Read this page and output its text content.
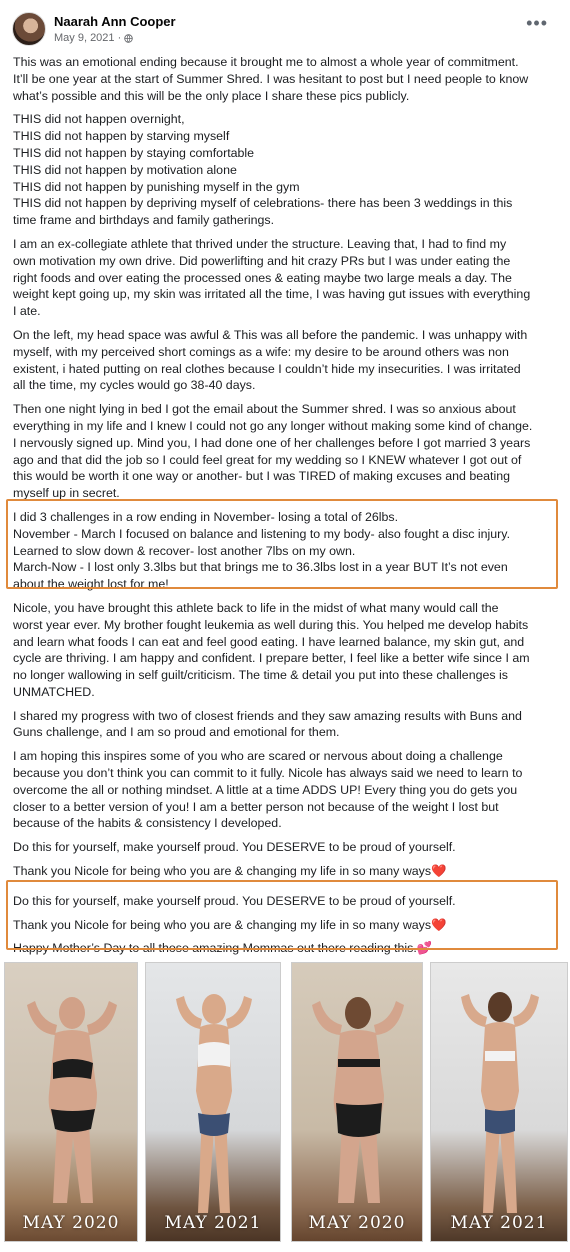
Naarah Ann Cooper
May 9, 2021 ·
•••
This was an emotional ending because it brought me to almost a whole year of commitment.
It’ll be one year at the start of Summer Shred. I was hesitant to post but I need people to know
what’s possible and this will be the only place I share these pics publicly.
THIS did not happen overnight,
THIS did not happen by starving myself
THIS did not happen by staying comfortable
THIS did not happen by motivation alone
THIS did not happen by punishing myself in the gym
THIS did not happen by depriving myself of celebrations- there has been 3 weddings in this
time frame and birthdays and family gatherings.
I am an ex-collegiate athlete that thrived under the structure. Leaving that, I had to find my
own motivation my own drive. Did powerlifting and hit crazy PRs but I was under eating the
right foods and over eating the processed ones & eating maybe two large meals a day. The
weight kept going up, my skin was irritated all the time, I was having gut issues with everything
I ate.
On the left, my head space was awful & This was all before the pandemic. I was unhappy with
myself, with my perceived short comings as a wife: my desire to be around others was non
existent, i hated putting on real clothes because I couldn’t hide my insecurities. I was irritated
all the time, my cycles would go 38-40 days.
Then one night lying in bed I got the email about the Summer shred. I was so anxious about
everything in my life and I knew I could not go any longer without making some kind of change.
I nervously signed up. Mind you, I had done one of her challenges before I got married 3 years
ago and that did the job so I could feel great for my wedding so I KNEW whatever I got out of
this would be worth it one way or another- but I was TIRED of making excuses and beating
myself up in secret.
I did 3 challenges in a row ending in November- losing a total of 26lbs.
November - March I focused on balance and listening to my body- also fought a disc injury.
Learned to slow down & recover- lost another 7lbs on my own.
March-Now - I lost only 3.3lbs but that brings me to 36.3lbs lost in a year BUT It’s not even
about the weight lost for me!
Nicole, you have brought this athlete back to life in the midst of what many would call the
worst year ever. My brother fought leukemia as well during this. You helped me develop habits
and learn what foods I can eat and feel good eating. I have learned balance, my skin gut, and
cycle are thriving. I am happy and confident. I prepare better, I feel like a better wife since I am
no longer wallowing in self guilt/criticism. The time & detail you put into these challenges is
UNMATCHED.
I shared my progress with two of closest friends and they saw amazing results with Buns and
Guns challenge, and I am so proud and emotional for them.
I am hoping this inspires some of you who are scared or nervous about doing a challenge
because you don’t think you can commit to it fully. Nicole has always said we need to learn to
overcome the all or nothing mindset. A little at a time ADDS UP! Every thing you do gets you
closer to a better version of you! I am a better person not because of the weight I lost but
because of the habits & consistency I developed.
Do this for yourself, make yourself proud. You DESERVE to be proud of yourself.
Thank you Nicole for being who you are & changing my life in so many ways❤️
Do this for yourself, make yourself proud. You DESERVE to be proud of yourself.
Thank you Nicole for being who you are & changing my life in so many ways❤️
Happy Mother’s Day to all those amazing Mommas out there reading this.💕
MAY 2020	MAY 2021	MAY 2020	MAY 2021
